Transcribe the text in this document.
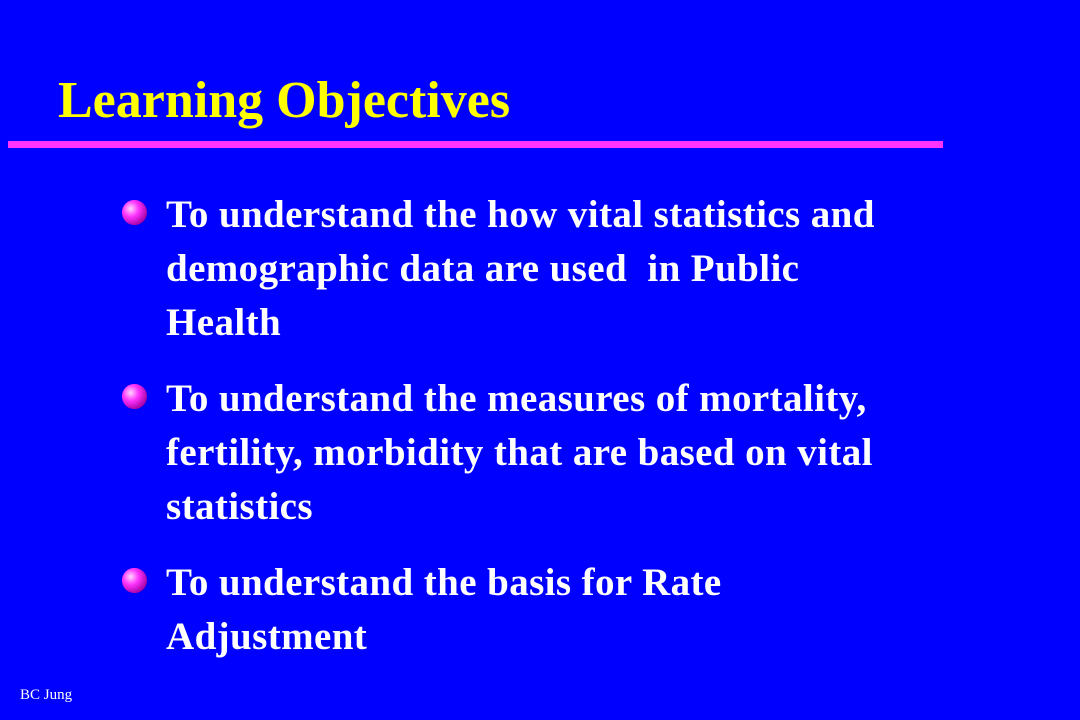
Learning Objectives
To understand the how vital statistics and demographic data are used  in Public Health
To understand the measures of mortality, fertility, morbidity that are based on vital statistics
To understand the basis for Rate Adjustment
BC Jung
